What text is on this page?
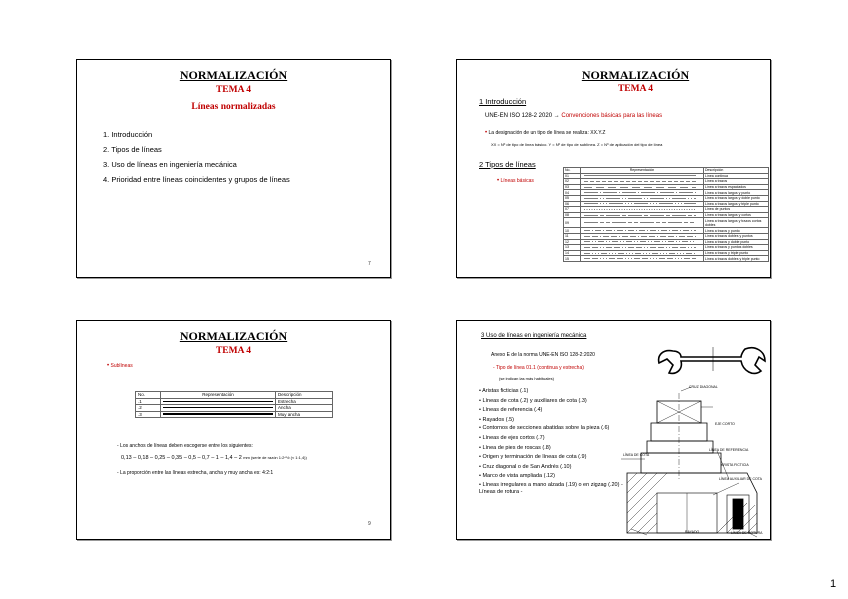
NORMALIZACIÓN
TEMA 4
Líneas normalizadas
1. Introducción
2. Tipos de líneas
3. Uso de líneas en ingeniería mecánica
4. Prioridad entre líneas coincidentes y grupos de líneas
7
NORMALIZACIÓN
TEMA 4
1 Introducción
UNE-EN ISO 128-2 2020 → Convenciones básicas para las líneas
• La designación de un tipo de línea se realiza: XX.Y.Z
XX = Nº de tipo de línea básico. Y = Nº de tipo de sublínea. Z = Nº de aplicación del tipo de línea
2 Tipos de líneas
• Líneas básicas
No.	Representación	Descripción
01		Línea continua
02		Línea a trazos
03		Línea a trazos espaciados
04		Línea a trazos largos y punto
05		Línea a trazos largos y doble punto
06		Línea a trazos largos y triple punto
07		Línea de puntos
08		Línea a trazos largos y cortos
09		Línea a trazos largos y trazos cortos dobles
10		Línea a trazos y punto
11		Línea a trazos dobles y puntos
12		Línea a trazos y doble punto
13		Línea a trazos y puntos dobles
14		Línea a trazos y triple punto
15		Línea a trazos dobles y triple punto
NORMALIZACIÓN
TEMA 4
• Sublíneas
No.	Representación	Descripción
.1		Estrecha
.2		Ancha
.3		Muy ancha
- Los anchos de líneas deben escogerse entre los siguientes:
0,13 – 0,18 – 0,25 – 0,35 – 0,5 – 0,7 – 1 – 1,4 – 2 mm (serie de razón 1:2^½ (≈ 1:1,4))
- La proporción entre las líneas estrecha, ancha y muy ancha es: 4:2:1
9
3 Uso de líneas en ingeniería mecánica
Anexo E de la norma UNE-EN ISO 128-2:2020
- Tipo de línea 01.1 (continua y estrecha)
(se indican las más habituales)
• Aristas ficticias (.1)
• Líneas de cota (.2) y auxiliares de cota (.3)
• Líneas de referencia (.4)
• Rayados (.5)
• Contornos de secciones abatidas sobre la pieza (.6)
• Líneas de ejes cortos (.7)
• Línea de pies de roscas (.8)
• Origen y terminación de líneas de cota (.9)
• Cruz diagonal o de San Andrés (.10)
• Marco de vista ampliada (.12)
• Líneas irregulares a mano alzada (.19) o en zigzag (.20) - Líneas de rotura -
CRUZ DIAGONAL
EJE CORTO
LÍNEA DE COTA
LÍNEA DE REFERENCIA
RAYADO
ARISTA FICTICIA
LÍNEA AUXILIAR DE COTA
LÍNEA DE ROTURA
1
